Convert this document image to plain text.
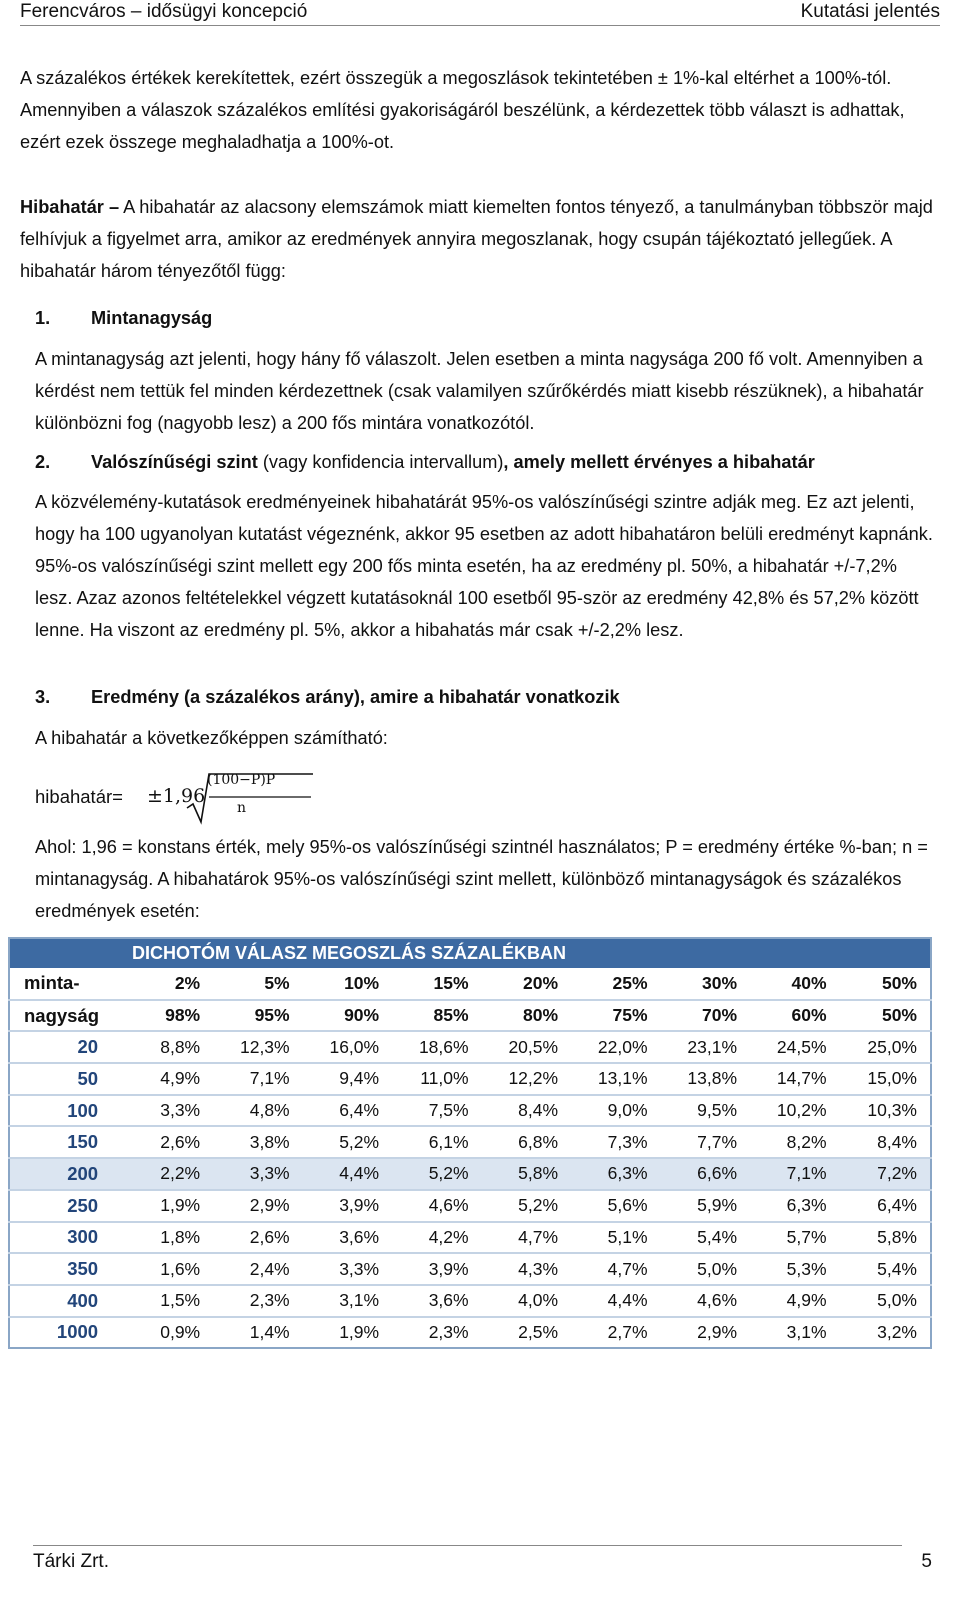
Ferencváros – idősügyi koncepció	Kutatási jelentés

A százalékos értékek kerekítettek, ezért összegük a megoszlások tekintetében ± 1%-kal eltérhet a 100%-tól. Amennyiben a válaszok százalékos említési gyakoriságáról beszélünk, a kérdezettek több választ is adhattak, ezért ezek összege meghaladhatja a 100%-ot.

Hibahatár – A hibahatár az alacsony elemszámok miatt kiemelten fontos tényező, a tanulmányban többször majd felhívjuk a figyelmet arra, amikor az eredmények annyira megoszlanak, hogy csupán tájékoztató jellegűek. A hibahatár három tényezőtől függ:

1. Mintanagyság

A mintanagyság azt jelenti, hogy hány fő válaszolt. Jelen esetben a minta nagysága 200 fő volt. Amennyiben a kérdést nem tettük fel minden kérdezettnek (csak valamilyen szűrőkérdés miatt kisebb részüknek), a hibahatár különbözni fog (nagyobb lesz) a 200 fős mintára vonatkozótól.

2. Valószínűségi szint (vagy konfidencia intervallum), amely mellett érvényes a hibahatár

A közvélemény-kutatások eredményeinek hibahatárát 95%-os valószínűségi szintre adják meg. Ez azt jelenti, hogy ha 100 ugyanolyan kutatást végeznénk, akkor 95 esetben az adott hibahatáron belüli eredményt kapnánk. 95%-os valószínűségi szint mellett egy 200 fős minta esetén, ha az eredmény pl. 50%, a hibahatár +/-7,2% lesz. Azaz azonos feltételekkel végzett kutatásoknál 100 esetből 95-ször az eredmény 42,8% és 57,2% között lenne. Ha viszont az eredmény pl. 5%, akkor a hibahatás már csak +/-2,2% lesz.

3. Eredmény (a százalékos arány), amire a hibahatár vonatkozik

A hibahatár a következőképpen számítható:

hibahatár= ±1,96
(100−P)P
n

Ahol: 1,96 = konstans érték, mely 95%-os valószínűségi szintnél használatos; P = eredmény értéke %-ban; n = mintanagyság. A hibahatárok 95%-os valószínűségi szint mellett, különböző mintanagyságok és százalékos eredmények esetén:

DICHOTÓM VÁLASZ MEGOSZLÁS SZÁZALÉKBAN									
minta-	2%	5%	10%	15%	20%	25%	30%	40%	50%
nagyság	98%	95%	90%	85%	80%	75%	70%	60%	50%
20	8,8%	12,3%	16,0%	18,6%	20,5%	22,0%	23,1%	24,5%	25,0%
50	4,9%	7,1%	9,4%	11,0%	12,2%	13,1%	13,8%	14,7%	15,0%
100	3,3%	4,8%	6,4%	7,5%	8,4%	9,0%	9,5%	10,2%	10,3%
150	2,6%	3,8%	5,2%	6,1%	6,8%	7,3%	7,7%	8,2%	8,4%
200	2,2%	3,3%	4,4%	5,2%	5,8%	6,3%	6,6%	7,1%	7,2%
250	1,9%	2,9%	3,9%	4,6%	5,2%	5,6%	5,9%	6,3%	6,4%
300	1,8%	2,6%	3,6%	4,2%	4,7%	5,1%	5,4%	5,7%	5,8%
350	1,6%	2,4%	3,3%	3,9%	4,3%	4,7%	5,0%	5,3%	5,4%
400	1,5%	2,3%	3,1%	3,6%	4,0%	4,4%	4,6%	4,9%	5,0%
1000	0,9%	1,4%	1,9%	2,3%	2,5%	2,7%	2,9%	3,1%	3,2%
Tárki Zrt.	5
